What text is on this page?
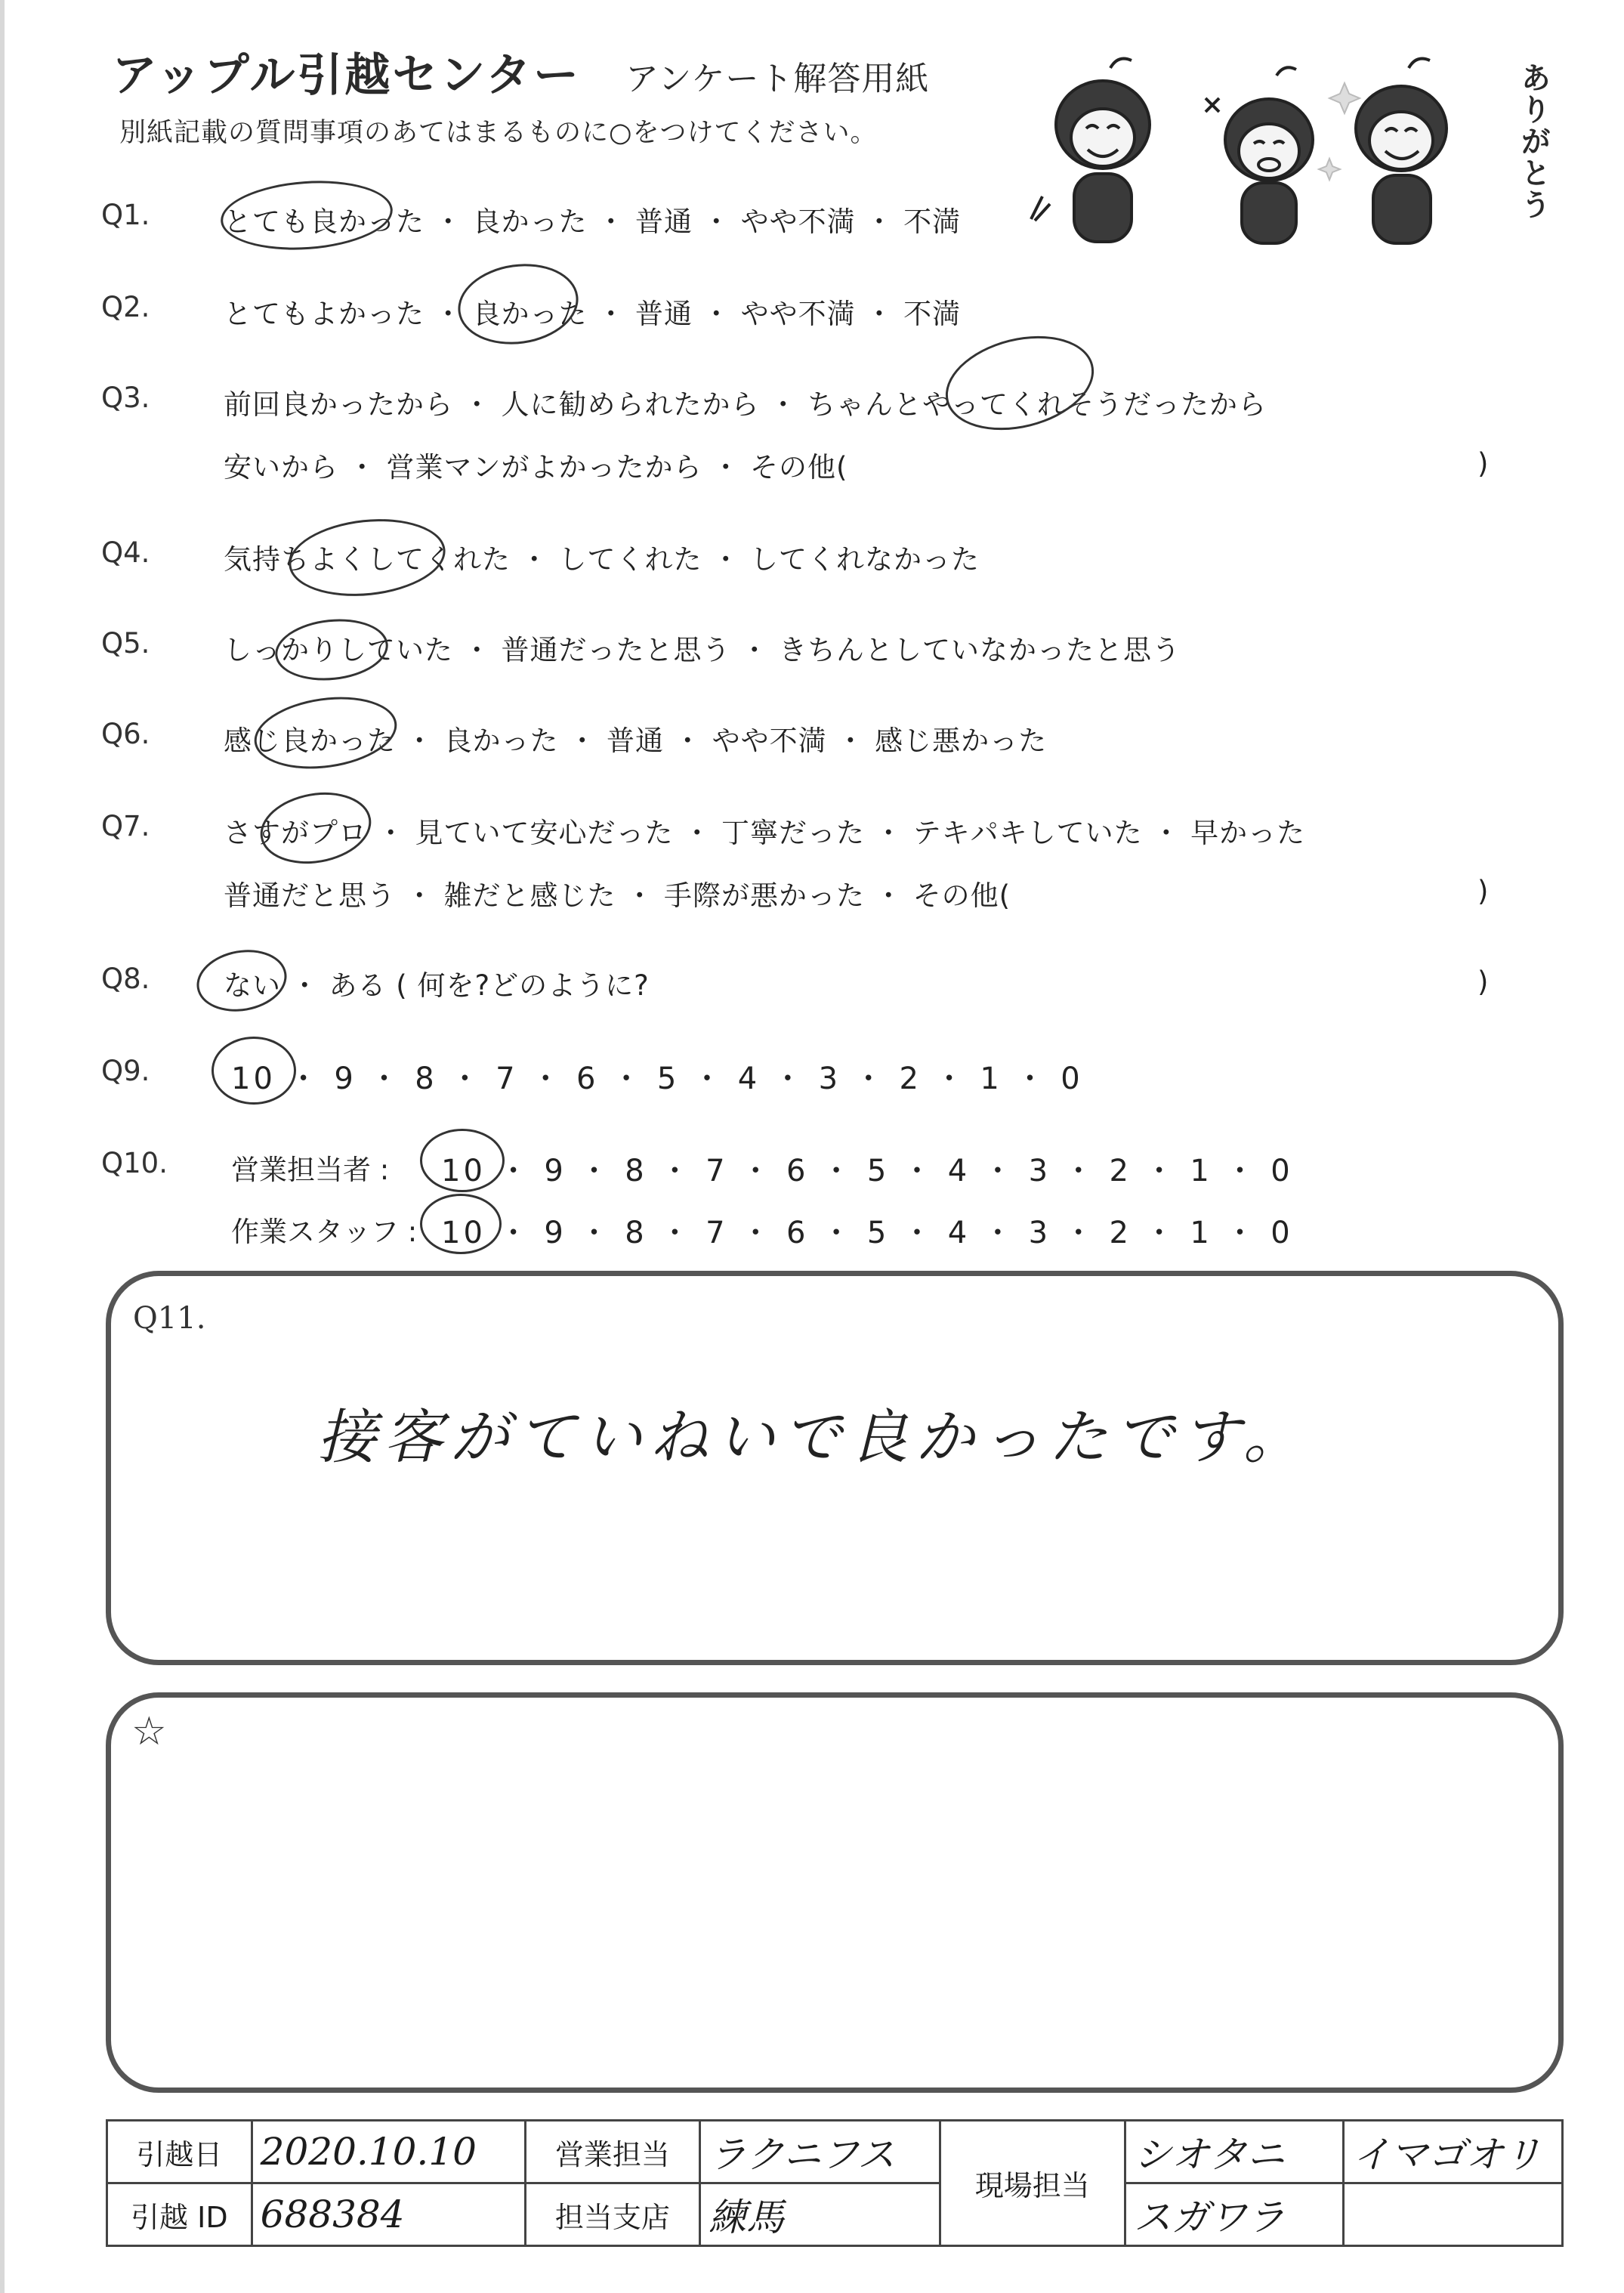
アップル引越センター アンケート解答用紙
別紙記載の質問事項のあてはまるものに○をつけてください。	ありがとう
Q1.	とても良かった ・ 良かった ・ 普通 ・ やや不満 ・ 不満
Q2.	とてもよかった ・ 良かった ・ 普通 ・ やや不満 ・ 不満
Q3.	前回良かったから ・ 人に勧められたから ・ ちゃんとやってくれそうだったから
安いから ・ 営業マンがよかったから ・ その他(	)
Q4.	気持ちよくしてくれた ・ してくれた ・ してくれなかった
Q5.	しっかりしていた ・ 普通だったと思う ・ きちんとしていなかったと思う
Q6.	感じ良かった ・ 良かった ・ 普通 ・ やや不満 ・ 感じ悪かった
Q7.	さすがプロ ・ 見ていて安心だった ・ 丁寧だった ・ テキパキしていた ・ 早かった
普通だと思う ・ 雑だと感じた ・ 手際が悪かった ・ その他(	)
Q8.	ない ・ ある ( 何を?どのように?	)
Q9.	10 ・ 9 ・ 8 ・ 7 ・ 6 ・ 5 ・ 4 ・ 3 ・ 2 ・ 1 ・ 0
Q10. 営業担当者 : 10 ・ 9 ・ 8 ・ 7 ・ 6 ・ 5 ・ 4 ・ 3 ・ 2 ・ 1 ・ 0
作業スタッフ : 10 ・ 9 ・ 8 ・ 7 ・ 6 ・ 5 ・ 4 ・ 3 ・ 2 ・ 1 ・ 0
Q11.
接客がていねいで良かったです。
☆
引越日	2020.10.10	営業担当	ラクニフス	現場担当	シオタニ	イマゴオリ
引越 ID	688384	担当支店	練馬		スガワラ	
